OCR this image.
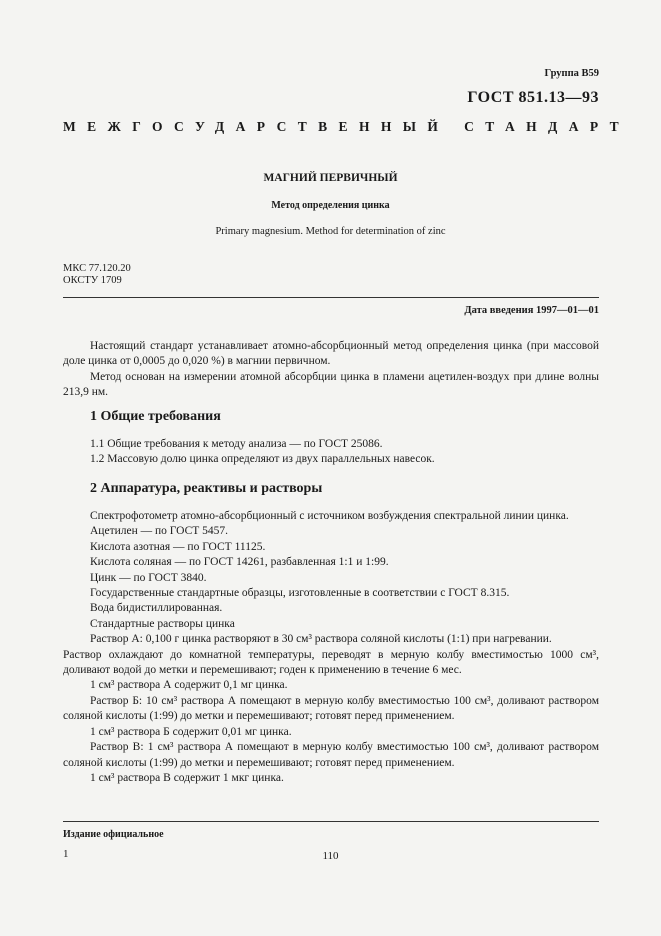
Группа В59
ГОСТ 851.13—93
МЕЖГОСУДАРСТВЕННЫЙ СТАНДАРТ
МАГНИЙ ПЕРВИЧНЫЙ
Метод определения цинка
Primary magnesium. Method for determination of zinc
МКС 77.120.20
ОКСТУ 1709
Дата введения 1997—01—01

Настоящий стандарт устанавливает атомно-абсорбционный метод определения цинка (при массовой доле цинка от 0,0005 до 0,020 %) в магнии первичном.

Метод основан на измерении атомной абсорбции цинка в пламени ацетилен-воздух при длине волны 213,9 нм.

1 Общие требования

1.1 Общие требования к методу анализа — по ГОСТ 25086.

1.2 Массовую долю цинка определяют из двух параллельных навесок.

2 Аппаратура, реактивы и растворы

Спектрофотометр атомно-абсорбционный с источником возбуждения спектральной линии цинка.

Ацетилен — по ГОСТ 5457.

Кислота азотная — по ГОСТ 11125.

Кислота соляная — по ГОСТ 14261, разбавленная 1:1 и 1:99.

Цинк — по ГОСТ 3840.

Государственные стандартные образцы, изготовленные в соответствии с ГОСТ 8.315.

Вода бидистиллированная.

Стандартные растворы цинка

Раствор А: 0,100 г цинка растворяют в 30 см³ раствора соляной кислоты (1:1) при нагревании.

Раствор охлаждают до комнатной температуры, переводят в мерную колбу вместимостью 1000 см³, доливают водой до метки и перемешивают; годен к применению в течение 6 мес.

1 см³ раствора А содержит 0,1 мг цинка.

Раствор Б: 10 см³ раствора А помещают в мерную колбу вместимостью 100 см³, доливают раствором соляной кислоты (1:99) до метки и перемешивают; готовят перед применением.

1 см³ раствора Б содержит 0,01 мг цинка.

Раствор В: 1 см³ раствора А помещают в мерную колбу вместимостью 100 см³, доливают раствором соляной кислоты (1:99) до метки и перемешивают; готовят перед применением.

1 см³ раствора В содержит 1 мкг цинка.

Издание официальное
1	110
